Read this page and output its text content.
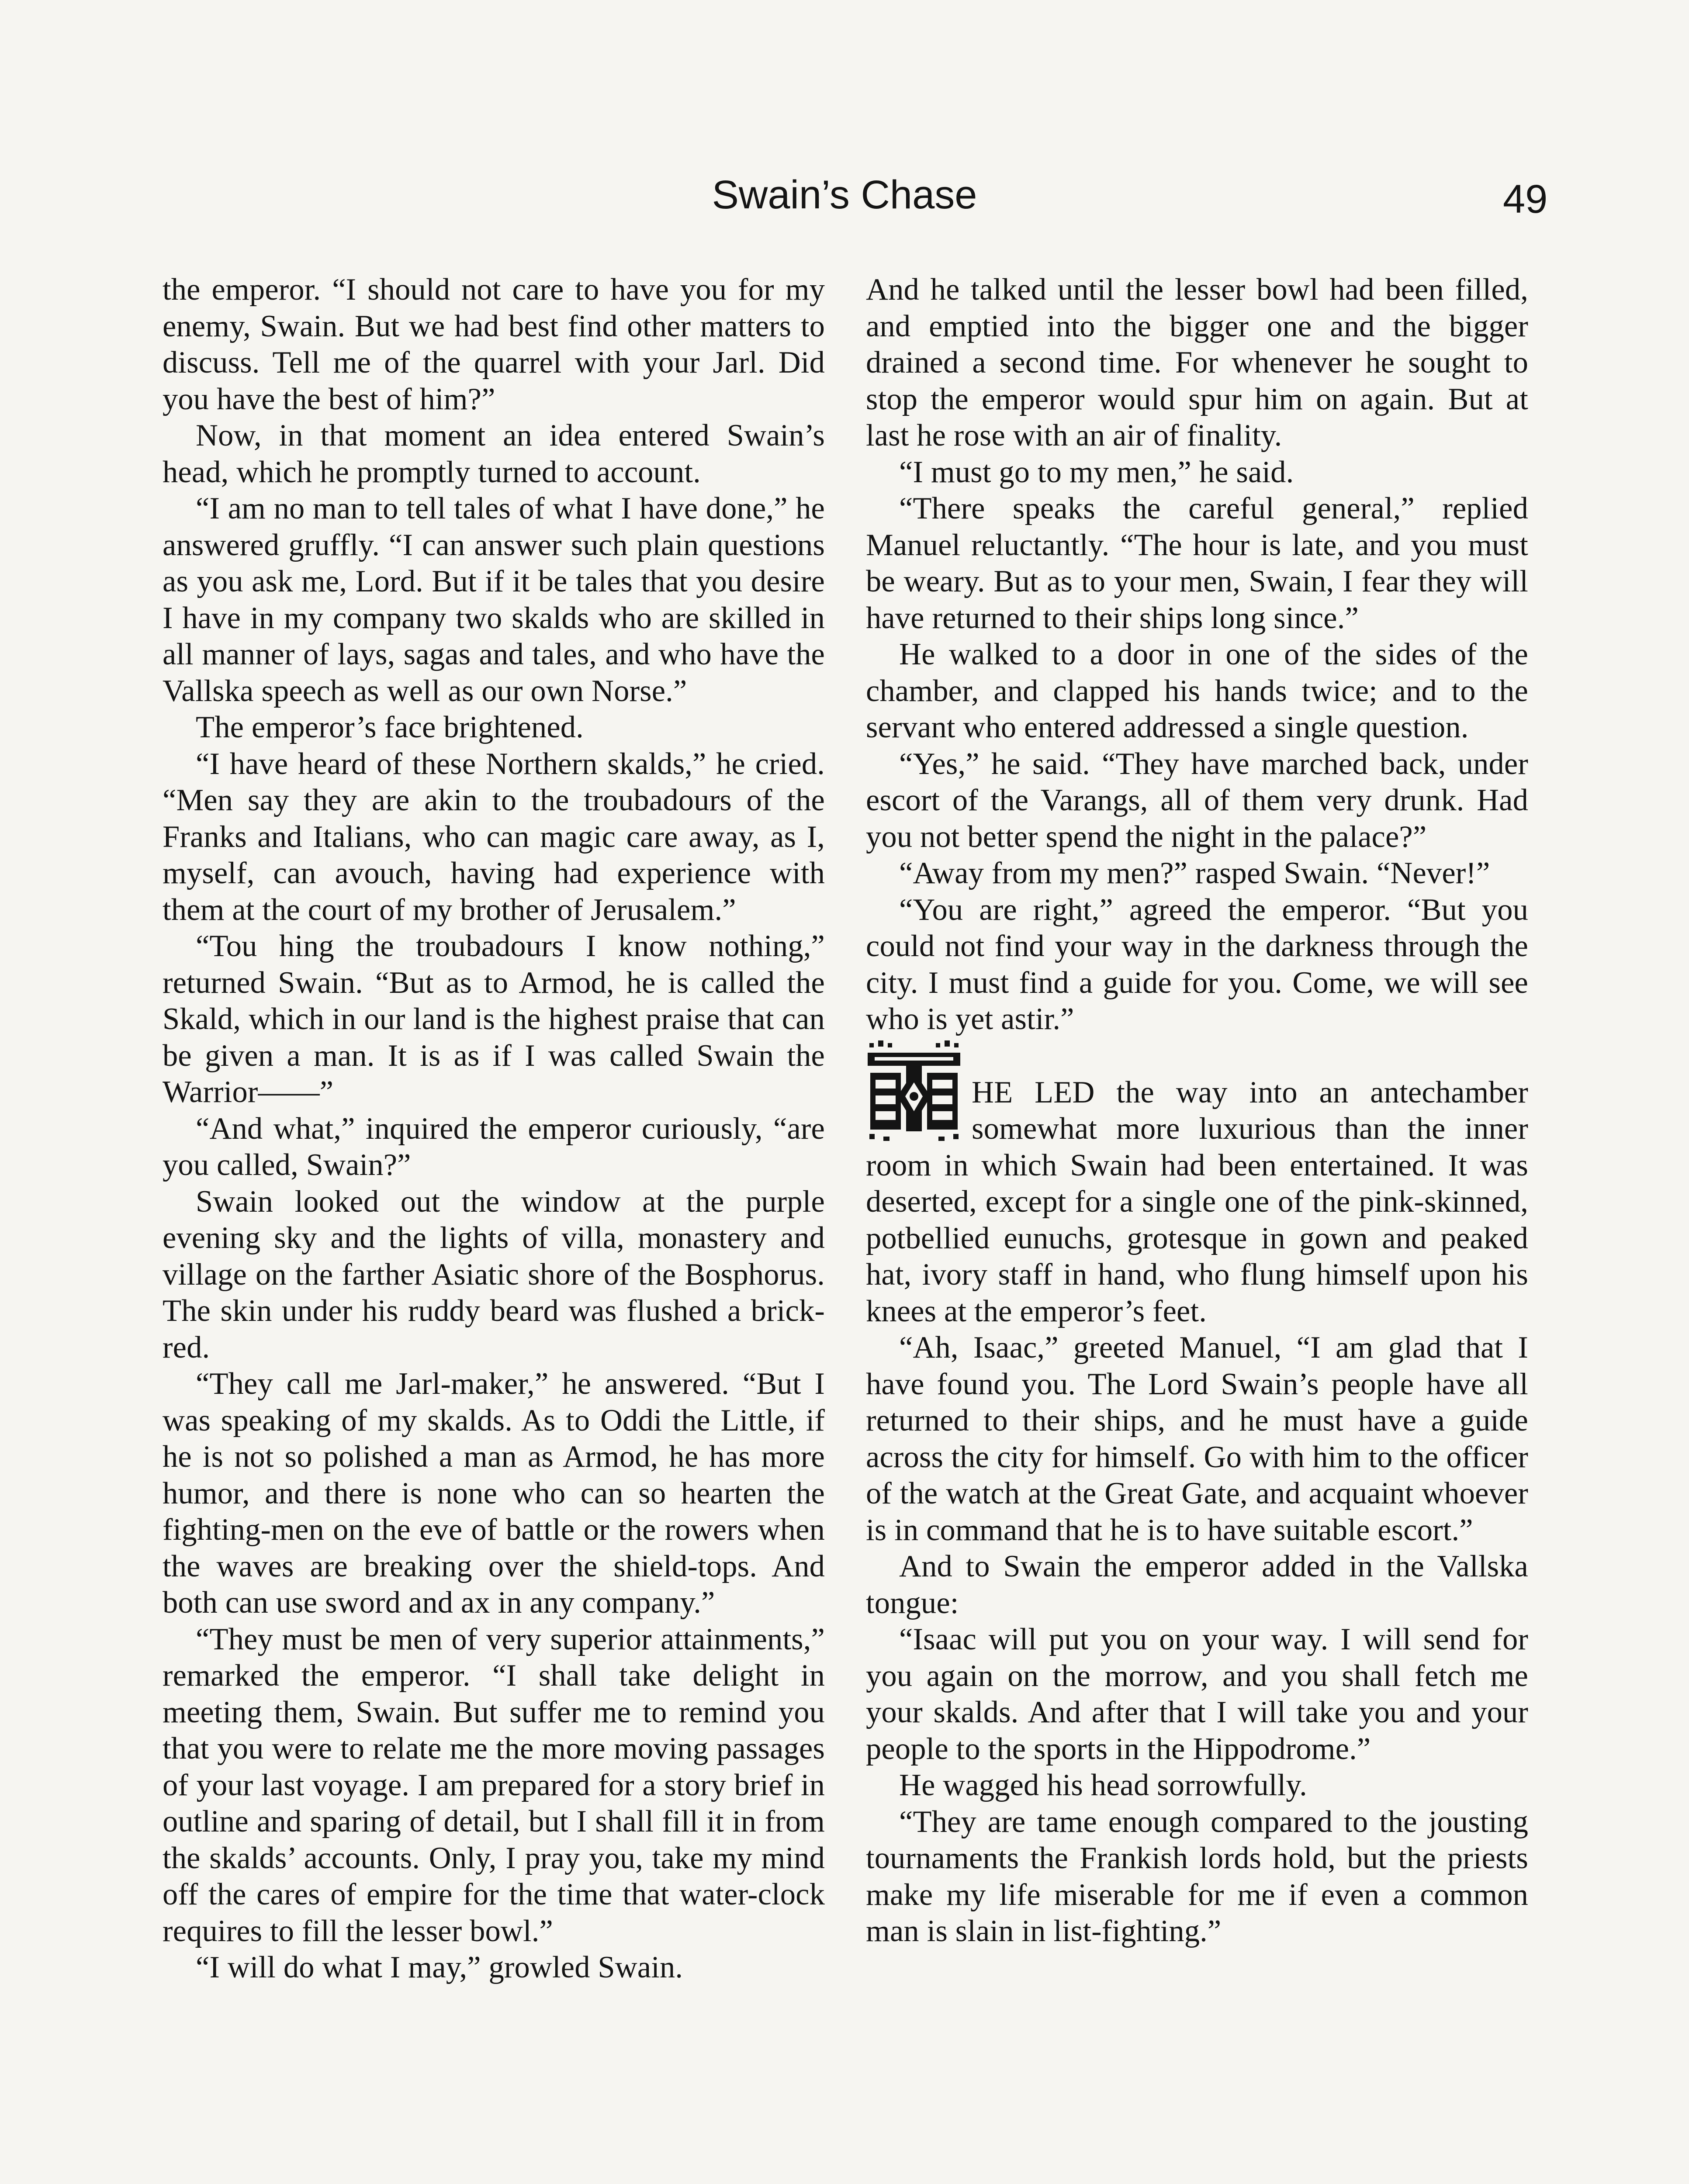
Swain’s Chase	49

the emperor. “I should not care to have you for my enemy, Swain. But we had best find other matters to discuss. Tell me of the quarrel with your Jarl. Did you have the best of him?”

Now, in that moment an idea entered Swain’s head, which he promptly turned to account.

“I am no man to tell tales of what I have done,” he answered gruffly. “I can answer such plain questions as you ask me, Lord. But if it be tales that you desire I have in my company two skalds who are skilled in all manner of lays, sagas and tales, and who have the Vallska speech as well as our own Norse.”

The emperor’s face brightened.

“I have heard of these Northern skalds,” he cried. “Men say they are akin to the troubadours of the Franks and Italians, who can magic care away, as I, myself, can avouch, having had experience with them at the court of my brother of Jerusalem.”

“Tou hing the troubadours I know nothing,” returned Swain. “But as to Armod, he is called the Skald, which in our land is the highest praise that can be given a man. It is as if I was called Swain the Warrior——”

“And what,” inquired the emperor curiously, “are you called, Swain?”

Swain looked out the window at the purple evening sky and the lights of villa, monastery and village on the farther Asiatic shore of the Bosphorus. The skin under his ruddy beard was flushed a brick-red.

“They call me Jarl-maker,” he answered. “But I was speaking of my skalds. As to Oddi the Little, if he is not so polished a man as Armod, he has more humor, and there is none who can so hearten the fighting-men on the eve of battle or the rowers when the waves are breaking over the shield-tops. And both can use sword and ax in any company.”

“They must be men of very superior attainments,” remarked the emperor. “I shall take delight in meeting them, Swain. But suffer me to remind you that you were to relate me the more moving passages of your last voyage. I am prepared for a story brief in outline and sparing of detail, but I shall fill it in from the skalds’ accounts. Only, I pray you, take my mind off the cares of empire for the time that water-clock requires to fill the lesser bowl.”

“I will do what I may,” growled Swain.

And he talked until the lesser bowl had been filled, and emptied into the bigger one and the bigger drained a second time. For whenever he sought to stop the emperor would spur him on again. But at last he rose with an air of finality.

“I must go to my men,” he said.

“There speaks the careful general,” replied Manuel reluctantly. “The hour is late, and you must be weary. But as to your men, Swain, I fear they will have returned to their ships long since.”

He walked to a door in one of the sides of the chamber, and clapped his hands twice; and to the servant who entered addressed a single question.

“Yes,” he said. “They have marched back, under escort of the Varangs, all of them very drunk. Had you not better spend the night in the palace?”

“Away from my men?” rasped Swain. “Never!”

“You are right,” agreed the emperor. “But you could not find your way in the darkness through the city. I must find a guide for you. Come, we will see who is yet astir.”

HE LED the way into an antechamber somewhat more luxurious than the inner room in which Swain had been entertained. It was deserted, except for a single one of the pink-skinned, potbellied eunuchs, grotesque in gown and peaked hat, ivory staff in hand, who flung himself upon his knees at the emperor’s feet.

“Ah, Isaac,” greeted Manuel, “I am glad that I have found you. The Lord Swain’s people have all returned to their ships, and he must have a guide across the city for himself. Go with him to the officer of the watch at the Great Gate, and acquaint whoever is in command that he is to have suitable escort.”

And to Swain the emperor added in the Vallska tongue:

“Isaac will put you on your way. I will send for you again on the morrow, and you shall fetch me your skalds. And after that I will take you and your people to the sports in the Hippodrome.”

He wagged his head sorrowfully.

“They are tame enough compared to the jousting tournaments the Frankish lords hold, but the priests make my life miserable for me if even a common man is slain in list-fighting.”
